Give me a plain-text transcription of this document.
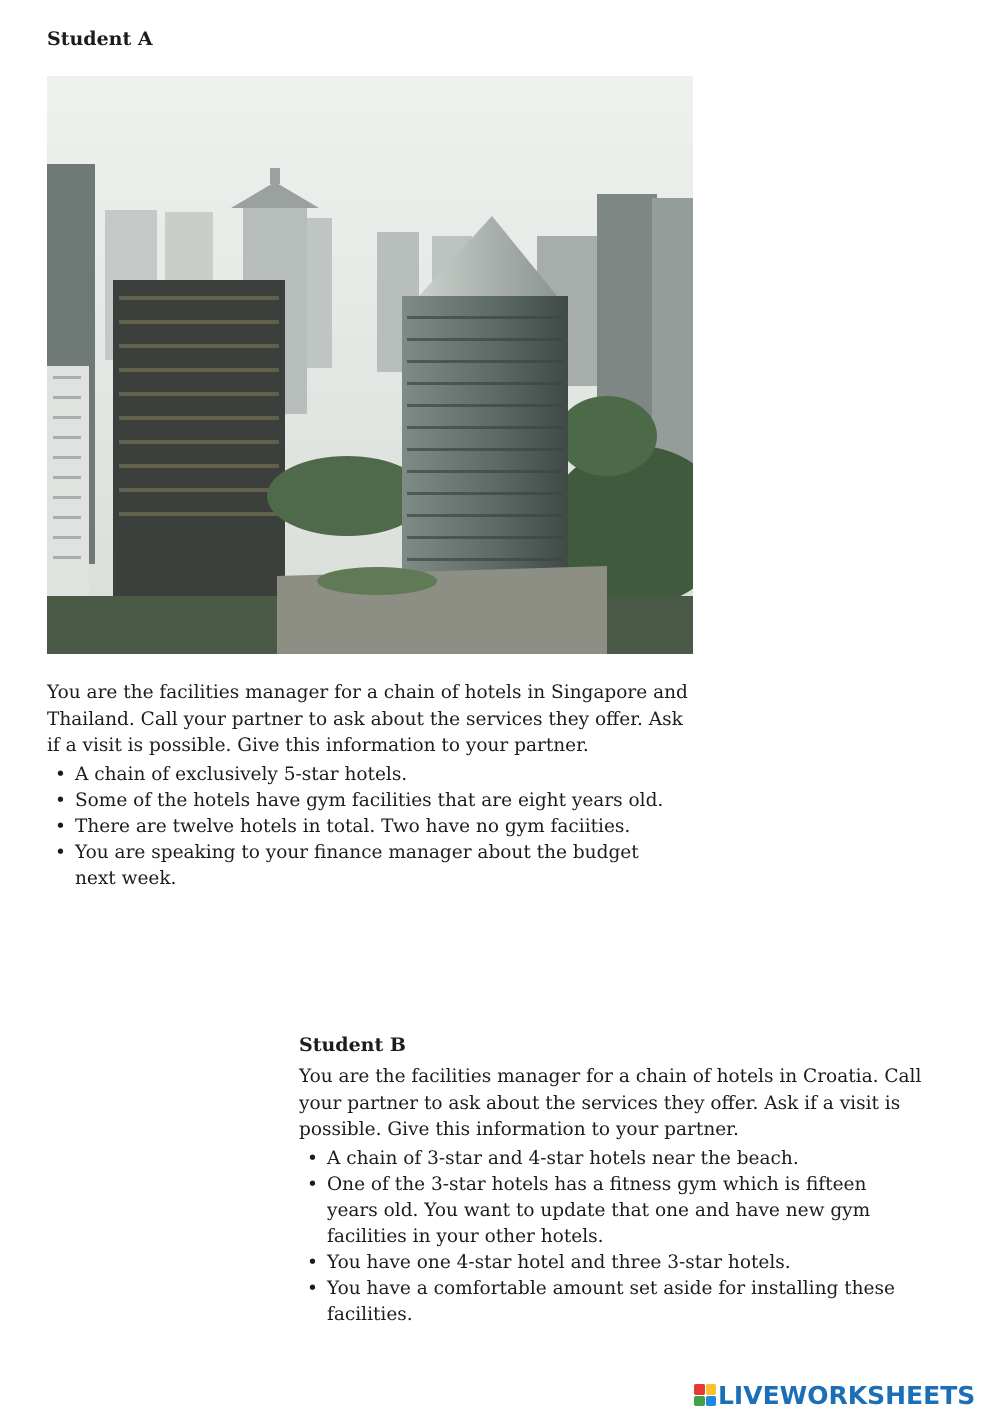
Student A

You are the facilities manager for a chain of hotels in Singapore and Thailand. Call your partner to ask about the services they offer. Ask if a visit is possible. Give this information to your partner.

• A chain of exclusively 5-star hotels.
• Some of the hotels have gym facilities that are eight years old.
• There are twelve hotels in total. Two have no gym faciities.
• You are speaking to your finance manager about the budget next week.
Student B

You are the facilities manager for a chain of hotels in Croatia. Call your partner to ask about the services they offer. Ask if a visit is possible. Give this information to your partner.

• A chain of 3-star and 4-star hotels near the beach.
• One of the 3-star hotels has a fitness gym which is fifteen years old. You want to update that one and have new gym facilities in your other hotels.
• You have one 4-star hotel and three 3-star hotels.
• You have a comfortable amount set aside for installing these facilities.
LIVEWORKSHEETS
